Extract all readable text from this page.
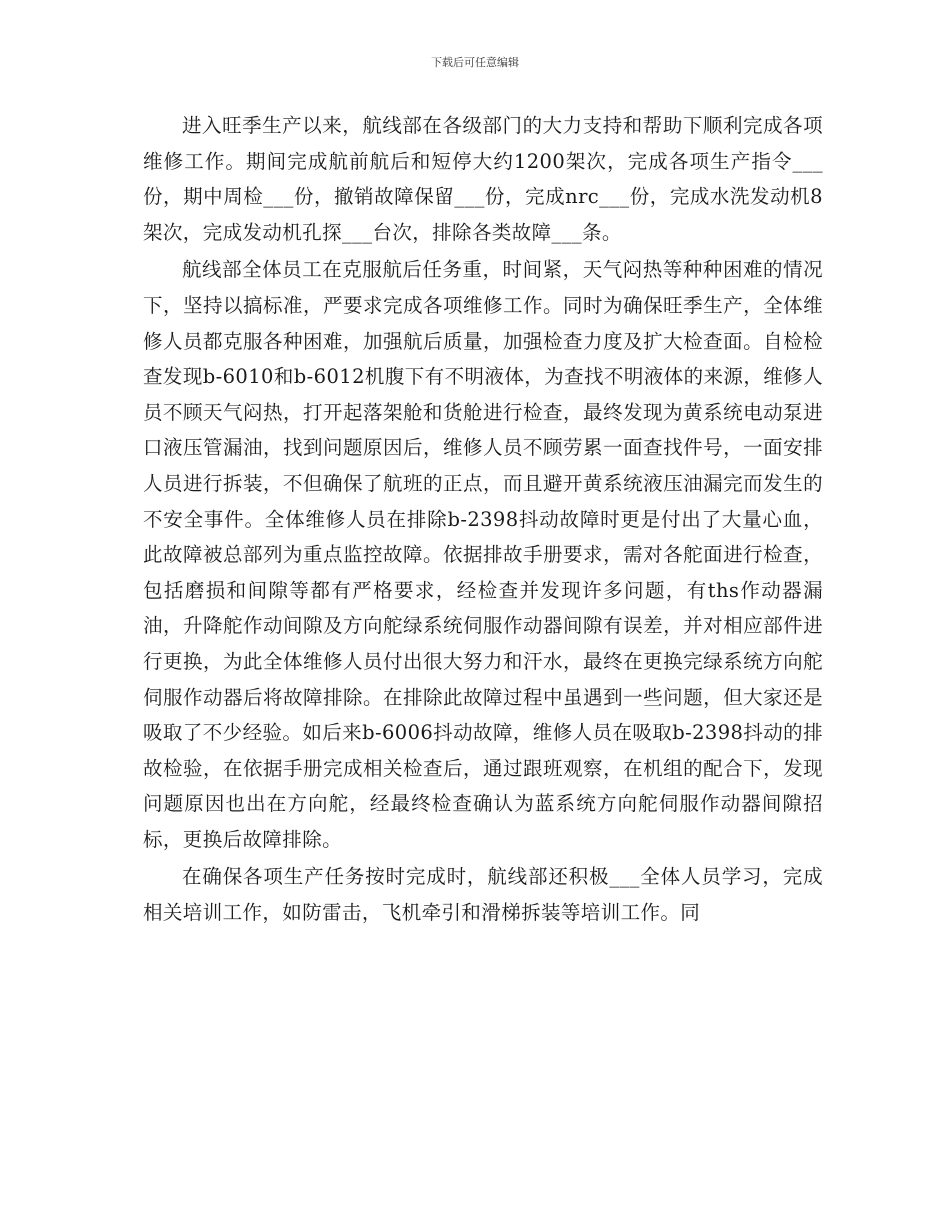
下载后可任意编辑

进入旺季生产以来，航线部在各级部门的大力支持和帮助下顺利完成各项维修工作。期间完成航前航后和短停大约1200架次，完成各项生产指令___份，期中周检___份，撤销故障保留___份，完成nrc___份，完成水洗发动机8架次，完成发动机孔探___台次，排除各类故障___条。

航线部全体员工在克服航后任务重，时间紧，天气闷热等种种困难的情况下，坚持以搞标准，严要求完成各项维修工作。同时为确保旺季生产，全体维修人员都克服各种困难，加强航后质量，加强检查力度及扩大检查面。自检检查发现b-6010和b-6012机腹下有不明液体，为查找不明液体的来源，维修人员不顾天气闷热，打开起落架舱和货舱进行检查，最终发现为黄系统电动泵进口液压管漏油，找到问题原因后，维修人员不顾劳累一面查找件号，一面安排人员进行拆装，不但确保了航班的正点，而且避开黄系统液压油漏完而发生的不安全事件。全体维修人员在排除b-2398抖动故障时更是付出了大量心血，此故障被总部列为重点监控故障。依据排故手册要求，需对各舵面进行检查，包括磨损和间隙等都有严格要求，经检查并发现许多问题，有ths作动器漏油，升降舵作动间隙及方向舵绿系统伺服作动器间隙有误差，并对相应部件进行更换，为此全体维修人员付出很大努力和汗水，最终在更换完绿系统方向舵伺服作动器后将故障排除。在排除此故障过程中虽遇到一些问题，但大家还是吸取了不少经验。如后来b-6006抖动故障，维修人员在吸取b-2398抖动的排故检验，在依据手册完成相关检查后，通过跟班观察，在机组的配合下，发现问题原因也出在方向舵，经最终检查确认为蓝系统方向舵伺服作动器间隙招标，更换后故障排除。

在确保各项生产任务按时完成时，航线部还积极___全体人员学习，完成相关培训工作，如防雷击，飞机牵引和滑梯拆装等培训工作。同
